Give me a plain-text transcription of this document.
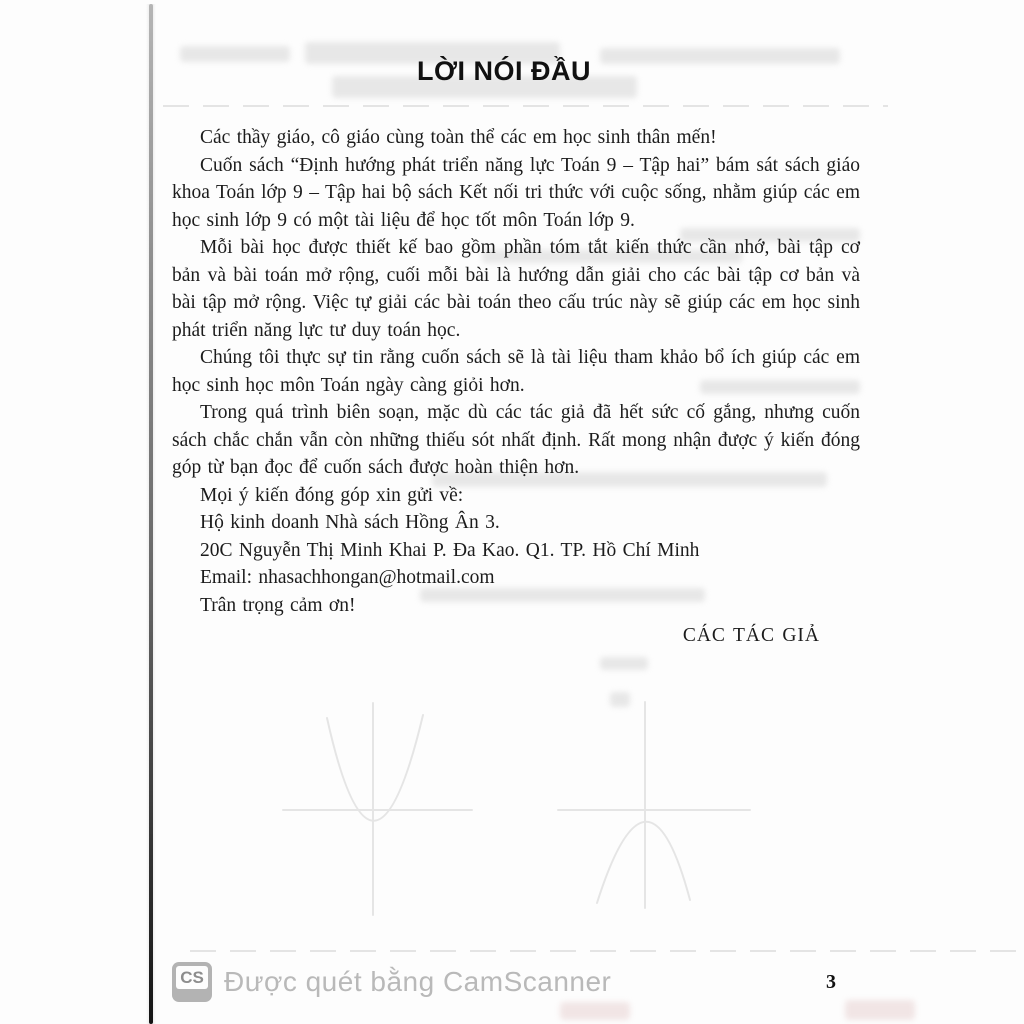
LỜI NÓI ĐẦU

Các thầy giáo, cô giáo cùng toàn thể các em học sinh thân mến!

Cuốn sách “Định hướng phát triển năng lực Toán 9 – Tập hai” bám sát sách giáo khoa Toán lớp 9 – Tập hai bộ sách Kết nối tri thức với cuộc sống, nhằm giúp các em học sinh lớp 9 có một tài liệu để học tốt môn Toán lớp 9.

Mỗi bài học được thiết kế bao gồm phần tóm tắt kiến thức cần nhớ, bài tập cơ bản và bài toán mở rộng, cuối mỗi bài là hướng dẫn giải cho các bài tập cơ bản và bài tập mở rộng. Việc tự giải các bài toán theo cấu trúc này sẽ giúp các em học sinh phát triển năng lực tư duy toán học.

Chúng tôi thực sự tin rằng cuốn sách sẽ là tài liệu tham khảo bổ ích giúp các em học sinh học môn Toán ngày càng giỏi hơn.

Trong quá trình biên soạn, mặc dù các tác giả đã hết sức cố gắng, nhưng cuốn sách chắc chắn vẫn còn những thiếu sót nhất định. Rất mong nhận được ý kiến đóng góp từ bạn đọc để cuốn sách được hoàn thiện hơn.

Mọi ý kiến đóng góp xin gửi về:

Hộ kinh doanh Nhà sách Hồng Ân 3.

20C Nguyễn Thị Minh Khai P. Đa Kao. Q1. TP. Hồ Chí Minh

Email: nhasachhongan@hotmail.com

Trân trọng cảm ơn!

CÁC TÁC GIẢ
CS Được quét bằng CamScanner	3
